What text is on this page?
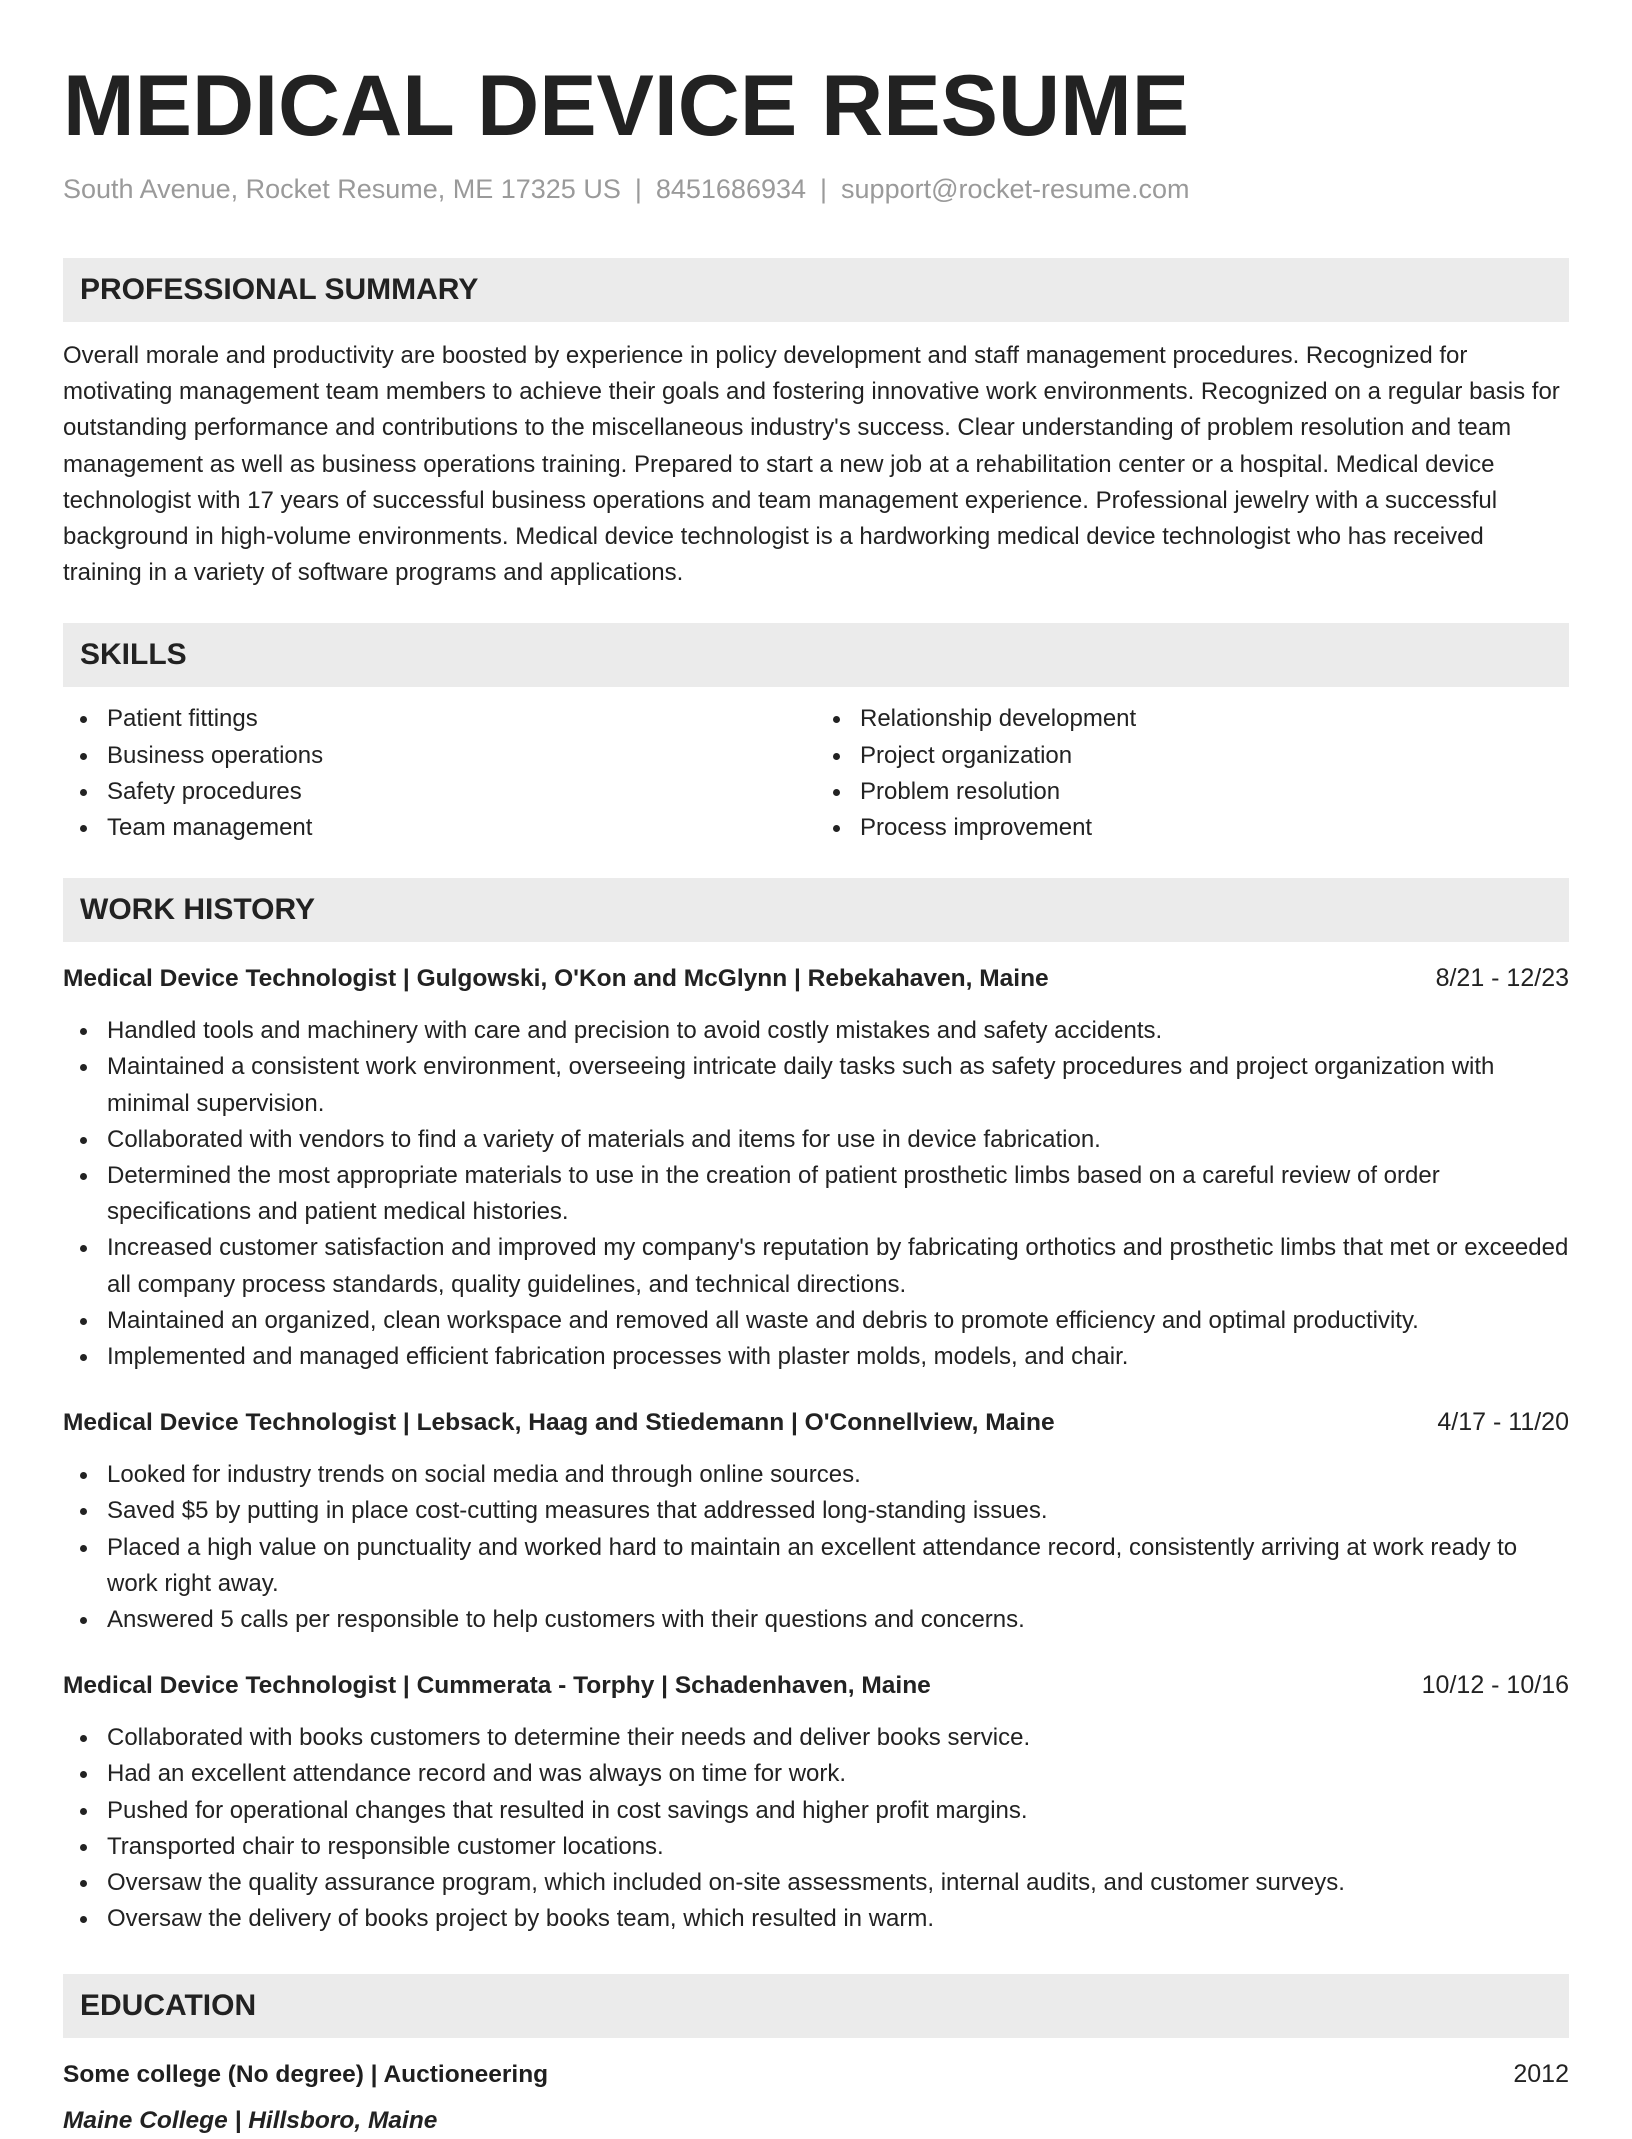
MEDICAL DEVICE RESUME
South Avenue, Rocket Resume, ME 17325 US | 8451686934 | support@rocket-resume.com
PROFESSIONAL SUMMARY
Overall morale and productivity are boosted by experience in policy development and staff management procedures. Recognized for motivating management team members to achieve their goals and fostering innovative work environments. Recognized on a regular basis for outstanding performance and contributions to the miscellaneous industry's success. Clear understanding of problem resolution and team management as well as business operations training. Prepared to start a new job at a rehabilitation center or a hospital. Medical device technologist with 17 years of successful business operations and team management experience. Professional jewelry with a successful background in high-volume environments. Medical device technologist is a hardworking medical device technologist who has received training in a variety of software programs and applications.
SKILLS
Patient fittings
Business operations
Safety procedures
Team management
Relationship development
Project organization
Problem resolution
Process improvement
WORK HISTORY
Medical Device Technologist | Gulgowski, O'Kon and McGlynn | Rebekahaven, Maine	8/21 - 12/23
Handled tools and machinery with care and precision to avoid costly mistakes and safety accidents.
Maintained a consistent work environment, overseeing intricate daily tasks such as safety procedures and project organization with minimal supervision.
Collaborated with vendors to find a variety of materials and items for use in device fabrication.
Determined the most appropriate materials to use in the creation of patient prosthetic limbs based on a careful review of order specifications and patient medical histories.
Increased customer satisfaction and improved my company's reputation by fabricating orthotics and prosthetic limbs that met or exceeded all company process standards, quality guidelines, and technical directions.
Maintained an organized, clean workspace and removed all waste and debris to promote efficiency and optimal productivity.
Implemented and managed efficient fabrication processes with plaster molds, models, and chair.
Medical Device Technologist | Lebsack, Haag and Stiedemann | O'Connellview, Maine	4/17 - 11/20
Looked for industry trends on social media and through online sources.
Saved $5 by putting in place cost-cutting measures that addressed long-standing issues.
Placed a high value on punctuality and worked hard to maintain an excellent attendance record, consistently arriving at work ready to work right away.
Answered 5 calls per responsible to help customers with their questions and concerns.
Medical Device Technologist | Cummerata - Torphy | Schadenhaven, Maine	10/12 - 10/16
Collaborated with books customers to determine their needs and deliver books service.
Had an excellent attendance record and was always on time for work.
Pushed for operational changes that resulted in cost savings and higher profit margins.
Transported chair to responsible customer locations.
Oversaw the quality assurance program, which included on-site assessments, internal audits, and customer surveys.
Oversaw the delivery of books project by books team, which resulted in warm.
EDUCATION
Some college (No degree) | Auctioneering	2012
Maine College | Hillsboro, Maine
